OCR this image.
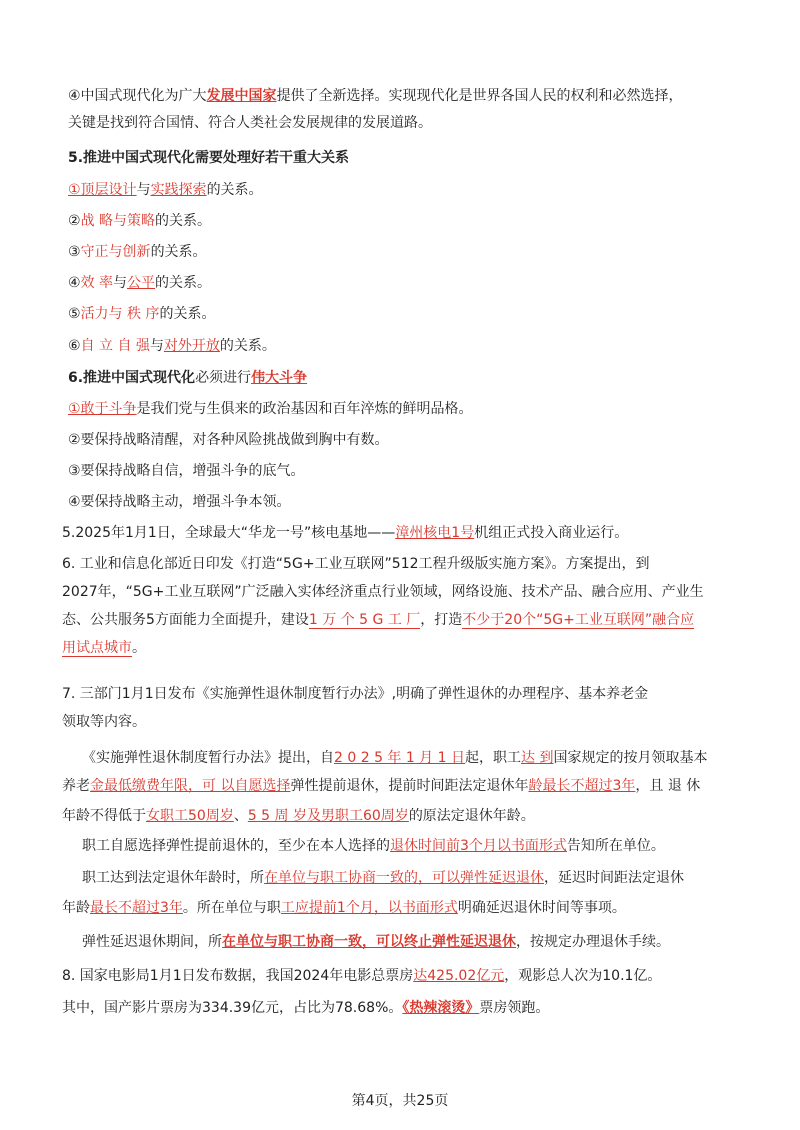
④中国式现代化为广大发展中国家提供了全新选择。实现现代化是世界各国人民的权利和必然选择，
关键是找到符合国情、符合人类社会发展规律的发展道路。
5.推进中国式现代化需要处理好若干重大关系
①顶层设计与实践探索的关系。
②战 略与策略的关系。
③守正与创新的关系。
④效 率与公平的关系。
⑤活力与 秩 序的关系。
⑥自 立 自 强与对外开放的关系。
6.推进中国式现代化必须进行伟大斗争
①敢于斗争是我们党与生俱来的政治基因和百年淬炼的鲜明品格。
②要保持战略清醒，对各种风险挑战做到胸中有数。
③要保持战略自信，增强斗争的底气。
④要保持战略主动，增强斗争本领。
5.2025年1月1日，全球最大“华龙一号”核电基地——漳州核电1号机组正式投入商业运行。
6. 工业和信息化部近日印发《打造“5G+工业互联网”512工程升级版实施方案》。方案提出，到
2027年，“5G+工业互联网”广泛融入实体经济重点行业领域，网络设施、技术产品、融合应用、产业生
态、公共服务5方面能力全面提升，建设1 万 个 5 G 工 厂，打造不少于20个“5G+工业互联网”融合应
用试点城市。
7. 三部门1月1日发布《实施弹性退休制度暂行办法》,明确了弹性退休的办理程序、基本养老金
领取等内容。
《实施弹性退休制度暂行办法》提出，自2 0 2 5 年 1 月 1 日起，职工达 到国家规定的按月领取基本
养老金最低缴费年限，可 以自愿选择弹性提前退休，提前时间距法定退休年龄最长不超过3年，且 退 休
年龄不得低于女职工50周岁、5 5 周 岁及男职工60周岁的原法定退休年龄。
职工自愿选择弹性提前退休的，至少在本人选择的退休时间前3个月以书面形式告知所在单位。
职工达到法定退休年龄时，所在单位与职工协商一致的，可以弹性延迟退休，延迟时间距法定退休
年龄最长不超过3年。所在单位与职工应提前1个月，以书面形式明确延迟退休时间等事项。
弹性延迟退休期间，所在单位与职工协商一致，可以终止弹性延迟退休，按规定办理退休手续。
8. 国家电影局1月1日发布数据，我国2024年电影总票房达425.02亿元，观影总人次为10.1亿。
其中，国产影片票房为334.39亿元，占比为78.68%。《热辣滚烫》票房领跑。
第4页，共25页
